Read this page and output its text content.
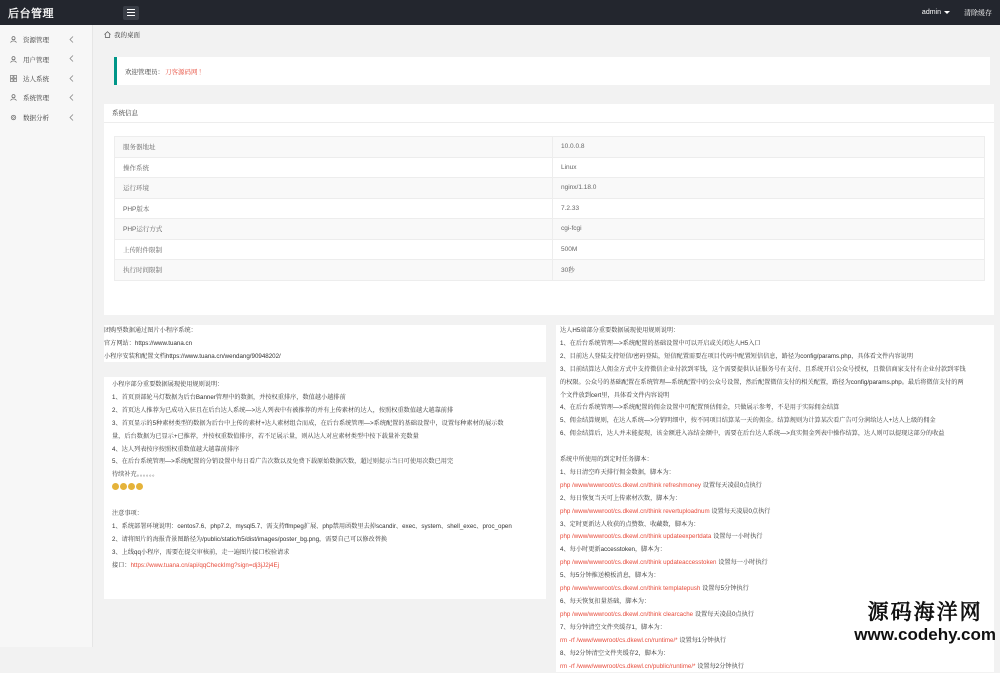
后台管理	admin	清除缓存
资源管理
用户管理
达人系统
系统管理
数据分析
我的桌面
欢迎管理员： 刀客源码网 ！
系统信息
服务器地址	10.0.0.8
操作系统	Linux
运行环境	nginx/1.18.0
PHP版本	7.2.33
PHP运行方式	cgi-fcgi
上传附件限制	500M
执行时间限制	30秒
团购型数据通过图片小程序系统：
官方网站：https://www.tuana.cn
小程序安装和配置文档https://www.tuana.cn/wendang/90948202/
小程序部分重要数据展现使用规则说明：
1、首页顶部轮马灯数据为后台Banner管理中的数据，并按权重排序，数值越小越排前
2、首页达人推荐为已成功入驻且在后台达人系统—>达人列表中有被推荐的并有上传素材的达人，按照权重数值越大越靠前排
3、首页显示的5种素材类型的数据为后台中上传的素材+达人素材组合而成，在后台系统管理—>系统配置的基础设置中，设置每种素材的展示数
量，后台数据为已显示+已推荐，并按权重数值排序，若不足展示量，则从达人对应素材类型中按下载量补充数量
4、达人列表按序按照权重数值越大越靠前排序
5、在后台系统管理—>系统配置的分销设置中每日看广告次数以及免费下载原始数据次数，超过则提示当日可使用次数已用完
待续补充。。。。。。
注意事项：
1、系统部署环境说明：centos7.6、php7.2、mysql5.7、需支持ffmpeg扩展、php禁用函数里去掉scandir、exec、system、shell_exec、proc_open
2、请将图片的海报背景图路径为/public/static/h5/dist/images/poster_bg.png，需要自己可以修改替换
3、上线qq小程序，需要在提交审核前，走一遍图片接口校验请求
接口：https://www.tuana.cn/api/qqCheckImg?sign=dj3jJ2j4Ej
达人H5端部分重要数据展现使用规则说明：
1、在后台系统管理—>系统配置的基础设置中可以开启或关闭达人H5入口
2、目前达人登陆支持短信/密码登陆，短信配置需要在项目代码中配置短信信息，路径为config/params.php，具体看文件内容说明
3、目前结算达人佣金方式中支持微信企业付款到零钱，这个需要提供认证服务号有支付、且系统开启公众号授权，且微信商家支付有企业付款到零钱
的权限。公众号的基础配置在系统管理—系统配置中的公众号设置，然后配置微信支付的相关配置，路径为config/params.php。最后将微信支付的两
个文件放到cert里，具体看文件内容说明
4、在后台系统管理—>系统配置的佣金设置中可配置预估佣金，只做展示参考，不是用于实际佣金结算
5、佣金结算规则，在达人系统—>分销明细中，按不同项目结算某一天的佣金。结算规则为计算某次看广告可分润给达人+达人上级的佣金
6、佣金结算后，达人并未能提现，该金额进入冻结金额中，需要在后台达人系统—>真实佣金列表中操作结算，达人则可以提现这部分的收益
系统中所使用的到定时任务脚本：
1、每日清空昨天排行佣金数据，脚本为：
php /www/wwwroot/cs.dkewl.cn/think refreshmoney 设置每天凌晨0点执行
2、每日恢复当天可上传素材次数，脚本为：
php /www/wwwroot/cs.dkewl.cn/think revertuploadnum 设置每天凌晨0点执行
3、定时更新达人收获的点赞数、收藏数，脚本为：
php /www/wwwroot/cs.dkewl.cn/think updateexpertdata 设置每一小时执行
4、每小时更新accesstoken，脚本为：
php /www/wwwroot/cs.dkewl.cn/think updateaccesstoken 设置每一小时执行
5、每5分钟推送模板消息，脚本为：
php /www/wwwroot/cs.dkewl.cn/think templatepush 设置每5分钟执行
6、每天恢复扣量基础，脚本为：
php /www/wwwroot/cs.dkewl.cn/think clearcache 设置每天凌晨0点执行
7、每分钟清空文件夹缓存1，脚本为：
rm -rf /www/wwwroot/cs.dkewl.cn/runtime/* 设置每1分钟执行
8、每2分钟清空文件夹缓存2，脚本为：
rm -rf /www/wwwroot/cs.dkewl.cn/public/runtime/* 设置每2分钟执行
源码海洋网
www.codehy.com
